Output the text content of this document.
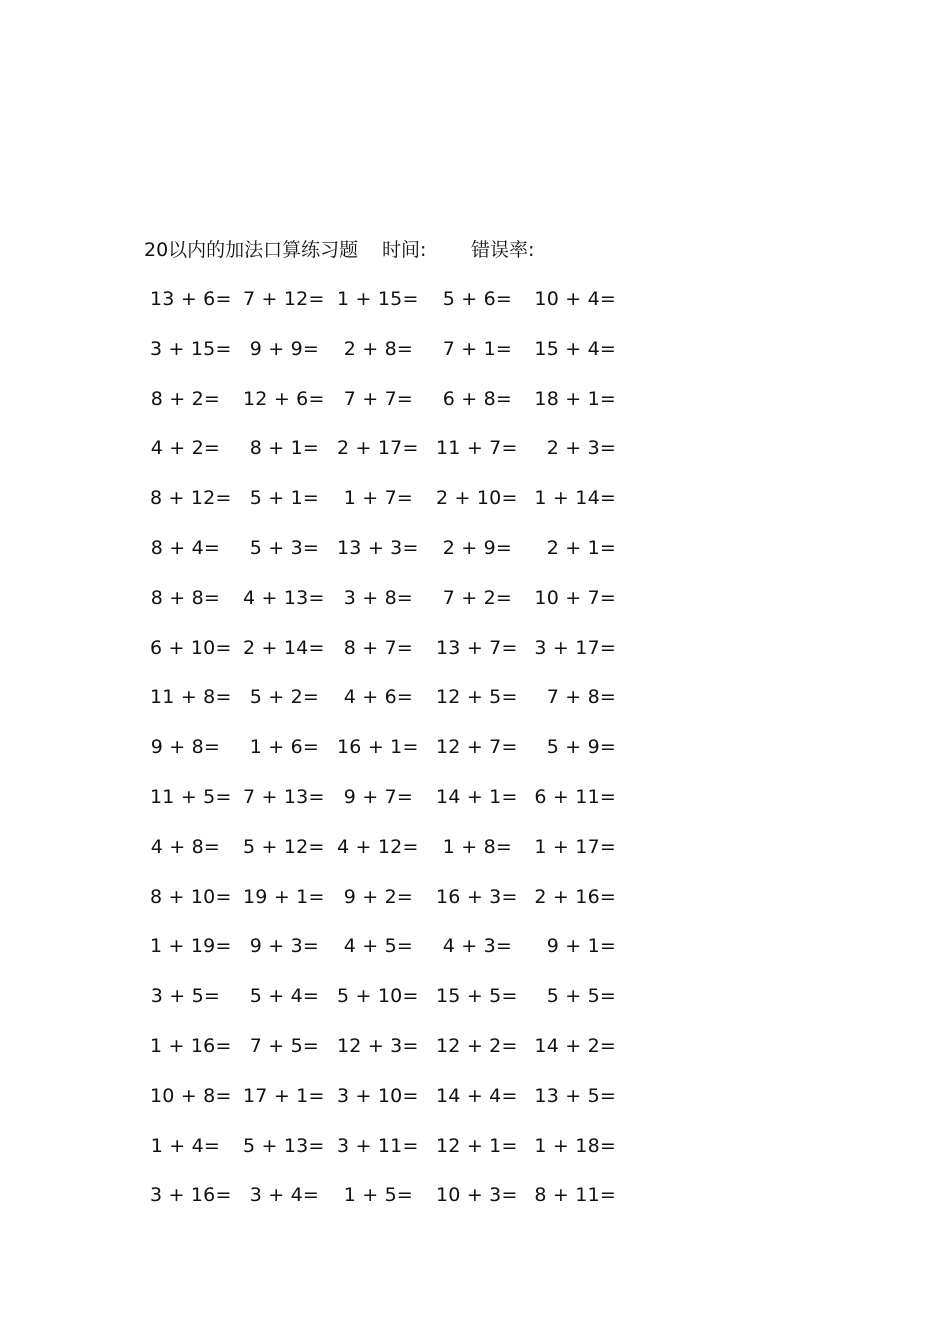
20以内的加法口算练习题 时间: 错误率:
13 + 6= 7 + 12= 1 + 15=	5 + 6= 10 + 4=
3 + 15= 9 + 9=	2 + 8=	7 + 1= 15 + 4=
8 + 2= 12 + 6=	7 + 7=	6 + 8= 18 + 1=
4 + 2=	8 + 1= 2 + 17= 11 + 7=	2 + 3=
8 + 12= 5 + 1=	1 + 7= 2 + 10= 1 + 14=
8 + 4=	5 + 3= 13 + 3=	2 + 9=	2 + 1=
8 + 8= 4 + 13=	3 + 8=	7 + 2= 10 + 7=
6 + 10= 2 + 14=	8 + 7= 13 + 7= 3 + 17=
11 + 8= 5 + 2=	4 + 6= 12 + 5=	7 + 8=
9 + 8=	1 + 6= 16 + 1= 12 + 7=	5 + 9=
11 + 5= 7 + 13=	9 + 7= 14 + 1= 6 + 11=
4 + 8= 5 + 12= 4 + 12=	1 + 8= 1 + 17=
8 + 10= 19 + 1=	9 + 2= 16 + 3= 2 + 16=
1 + 19= 9 + 3=	4 + 5=	4 + 3=	9 + 1=
3 + 5=	5 + 4= 5 + 10= 15 + 5=	5 + 5=
1 + 16= 7 + 5= 12 + 3= 12 + 2= 14 + 2=
10 + 8= 17 + 1= 3 + 10= 14 + 4= 13 + 5=
1 + 4= 5 + 13= 3 + 11= 12 + 1= 1 + 18=
3 + 16= 3 + 4=	1 + 5= 10 + 3= 8 + 11=
